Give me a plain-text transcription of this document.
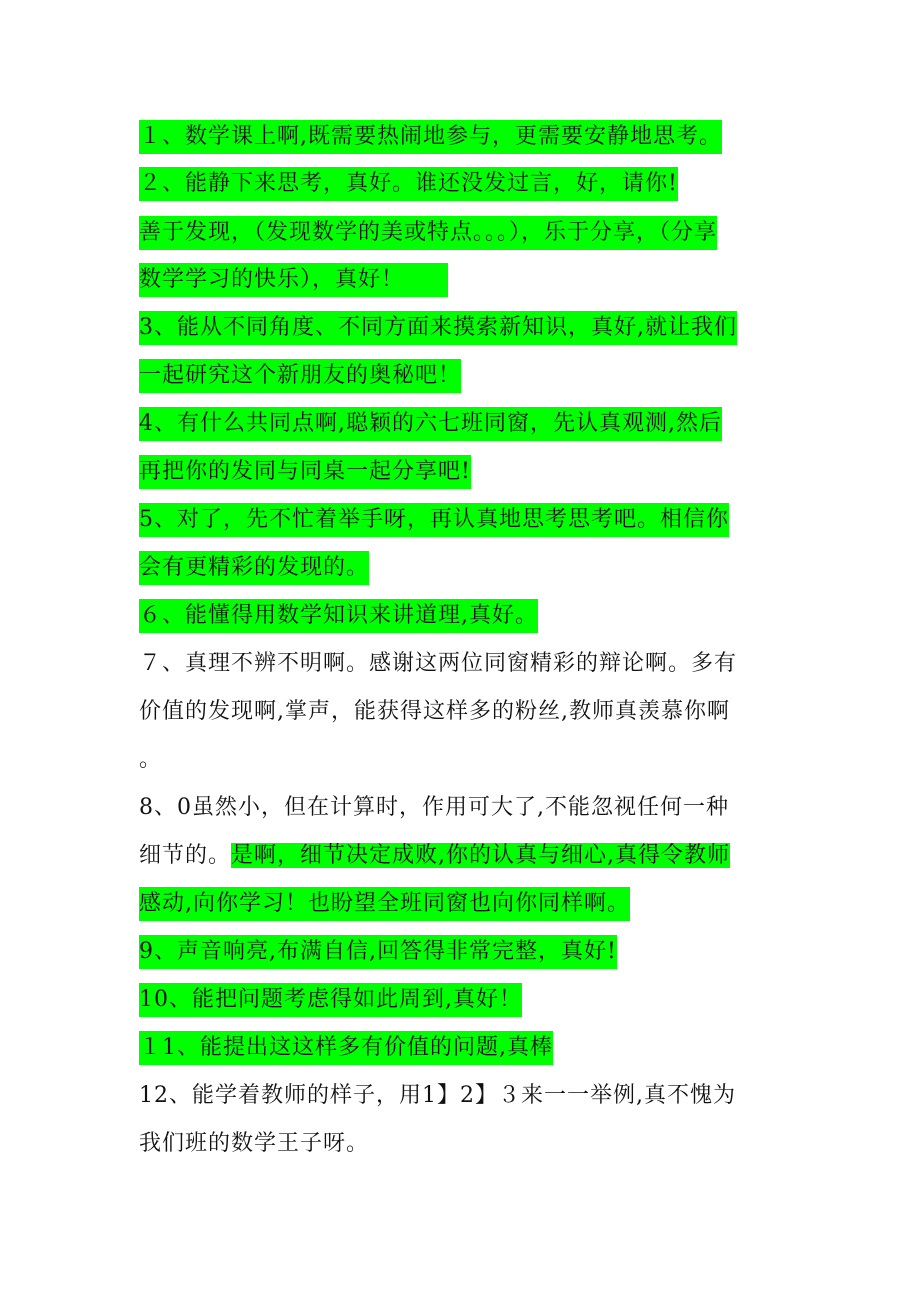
１、数学课上啊,既需要热闹地参与，更需要安静地思考。
２、能静下来思考，真好。谁还没发过言，好，请你!
善于发现，（发现数学的美或特点。。。），乐于分享，（分享
数学学习的快乐），真好！
3、能从不同角度、不同方面来摸索新知识，真好,就让我们
一起研究这个新朋友的奥秘吧！
4、有什么共同点啊,聪颖的六七班同窗，先认真观测,然后
再把你的发同与同桌一起分享吧!
5、对了，先不忙着举手呀，再认真地思考思考吧。相信你
会有更精彩的发现的。
６、能懂得用数学知识来讲道理,真好。
７、真理不辨不明啊。感谢这两位同窗精彩的辩论啊。多有
价值的发现啊,掌声，能获得这样多的粉丝,教师真羡慕你啊
。
8、0虽然小，但在计算时，作用可大了,不能忽视任何一种
细节的。是啊，细节决定成败,你的认真与细心,真得令教师
感动,向你学习！也盼望全班同窗也向你同样啊。
9、声音响亮,布满自信,回答得非常完整，真好!
10、能把问题考虑得如此周到,真好！
１1、能提出这这样多有价值的问题,真棒
12、能学着教师的样子，用1】2】３来一一举例,真不愧为
我们班的数学王子呀。
